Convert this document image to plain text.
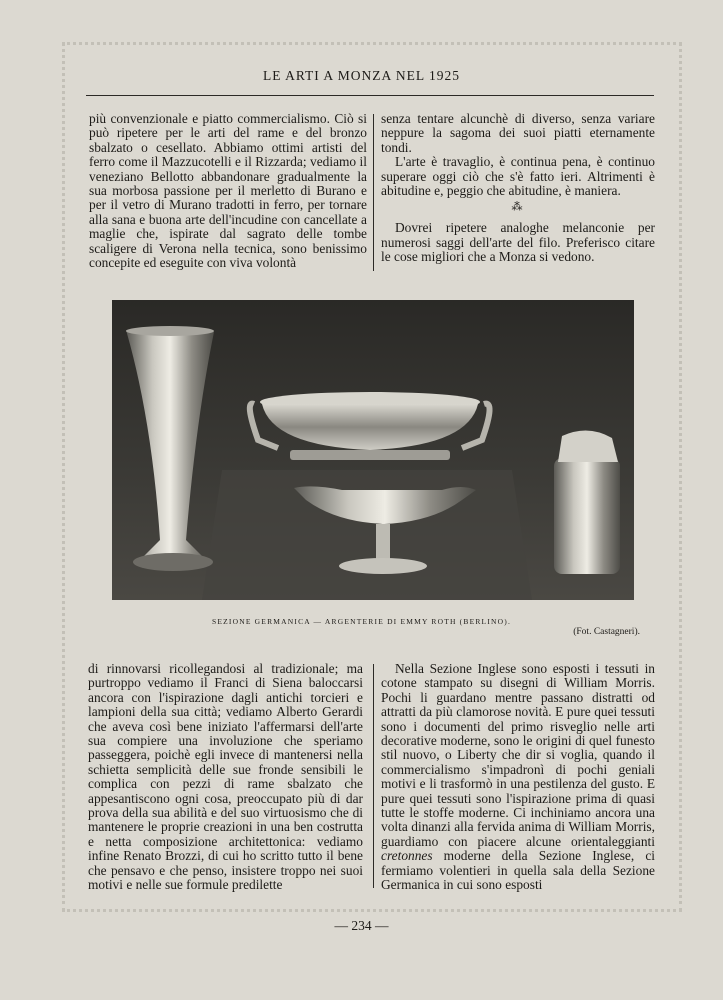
LE ARTI A MONZA NEL 1925

più convenzionale e piatto commercialismo. Ciò si può ripetere per le arti del rame e del bronzo sbalzato o cesellato. Abbiamo ottimi artisti del ferro come il Mazzucotelli e il Rizzarda; vediamo il veneziano Bellotto abbandonare gradualmente la sua morbosa passione per il merletto di Burano e per il vetro di Murano tradotti in ferro, per tornare alla sana e buona arte dell'incudine con cancellate a maglie che, ispirate dal sagrato delle tombe scaligere di Verona nella tecnica, sono benissimo concepite ed eseguite con viva volontà

senza tentare alcunchè di diverso, senza variare neppure la sagoma dei suoi piatti eternamente tondi.

L'arte è travaglio, è continua pena, è continuo superare oggi ciò che s'è fatto ieri. Altrimenti è abitudine e, peggio che abitudine, è maniera.

⁂

Dovrei ripetere analoghe melanconie per numerosi saggi dell'arte del filo. Preferisco citare le cose migliori che a Monza si vedono.

SEZIONE GERMANICA — ARGENTERIE DI EMMY ROTH (BERLINO).
(Fot. Castagneri).

di rinnovarsi ricollegandosi al tradizionale; ma purtroppo vediamo il Franci di Siena baloccarsi ancora con l'ispirazione dagli antichi torcieri e lampioni della sua città; vediamo Alberto Gerardi che aveva così bene iniziato l'affermarsi dell'arte sua compiere una involuzione che speriamo passeggera, poichè egli invece di mantenersi nella schietta semplicità delle sue fronde sensibili le complica con pezzi di rame sbalzato che appesantiscono ogni cosa, preoccupato più di dar prova della sua abilità e del suo virtuosismo che di mantenere le proprie creazioni in una ben costrutta e netta composizione architettonica: vediamo infine Renato Brozzi, di cui ho scritto tutto il bene che pensavo e che penso, insistere troppo nei suoi motivi e nelle sue formule predilette

Nella Sezione Inglese sono esposti i tessuti in cotone stampato su disegni di William Morris. Pochi li guardano mentre passano distratti od attratti da più clamorose novità. E pure quei tessuti sono i documenti del primo risveglio nelle arti decorative moderne, sono le origini di quel funesto stil nuovo, o Liberty che dir si voglia, quando il commercialismo s'impadronì di pochi geniali motivi e li trasformò in una pestilenza del gusto. E pure quei tessuti sono l'ispirazione prima di quasi tutte le stoffe moderne. Ci inchiniamo ancora una volta dinanzi alla fervida anima di William Morris, guardiamo con piacere alcune orientaleggianti cretonnes moderne della Sezione Inglese, ci fermiamo volentieri in quella sala della Sezione Germanica in cui sono esposti

— 234 —
